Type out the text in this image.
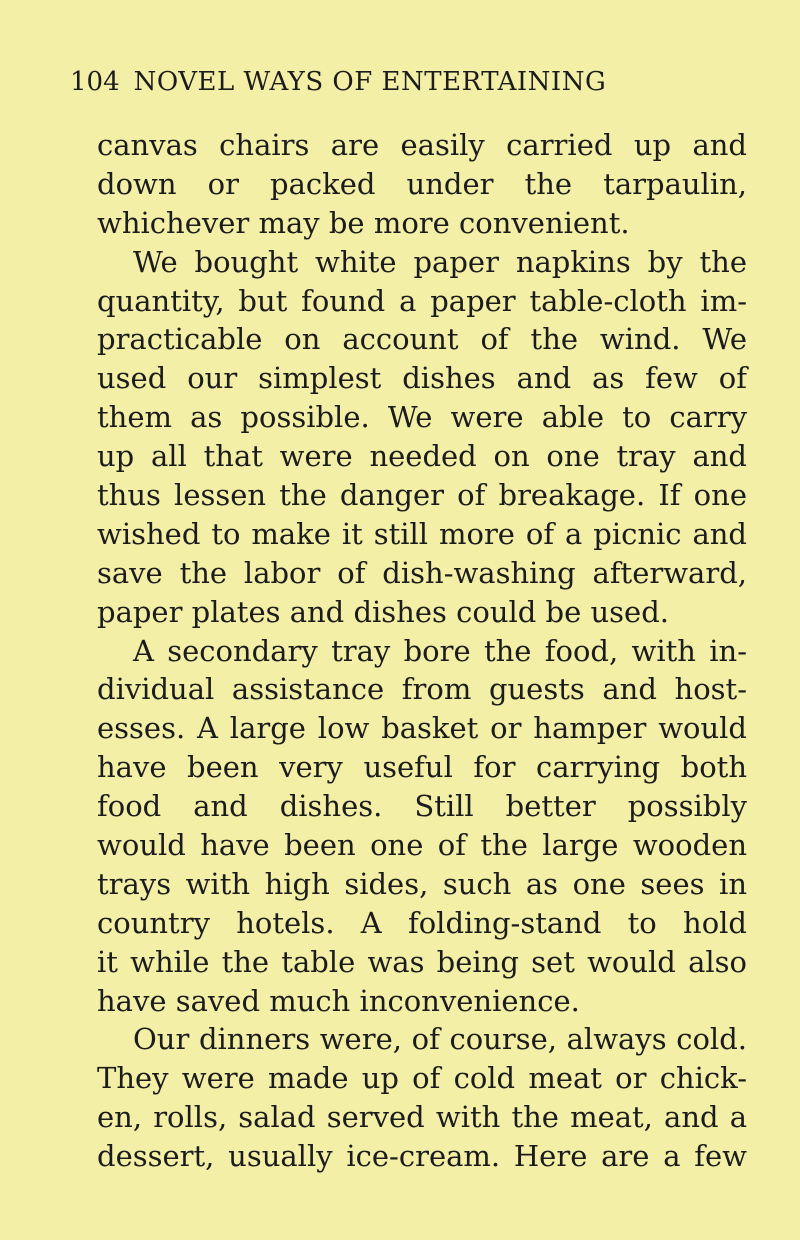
104 NOVEL WAYS OF ENTERTAINING
canvas chairs are easily carried up and
down or packed under the tarpaulin,
whichever may be more convenient.
We bought white paper napkins by the
quantity, but found a paper table-cloth im-
practicable on account of the wind. We
used our simplest dishes and as few of
them as possible. We were able to carry
up all that were needed on one tray and
thus lessen the danger of breakage. If one
wished to make it still more of a picnic and
save the labor of dish-washing afterward,
paper plates and dishes could be used.
A secondary tray bore the food, with in-
dividual assistance from guests and host-
esses. A large low basket or hamper would
have been very useful for carrying both
food and dishes. Still better possibly
would have been one of the large wooden
trays with high sides, such as one sees in
country hotels. A folding-stand to hold
it while the table was being set would also
have saved much inconvenience.
Our dinners were, of course, always cold.
They were made up of cold meat or chick-
en, rolls, salad served with the meat, and a
dessert, usually ice-cream. Here are a few
